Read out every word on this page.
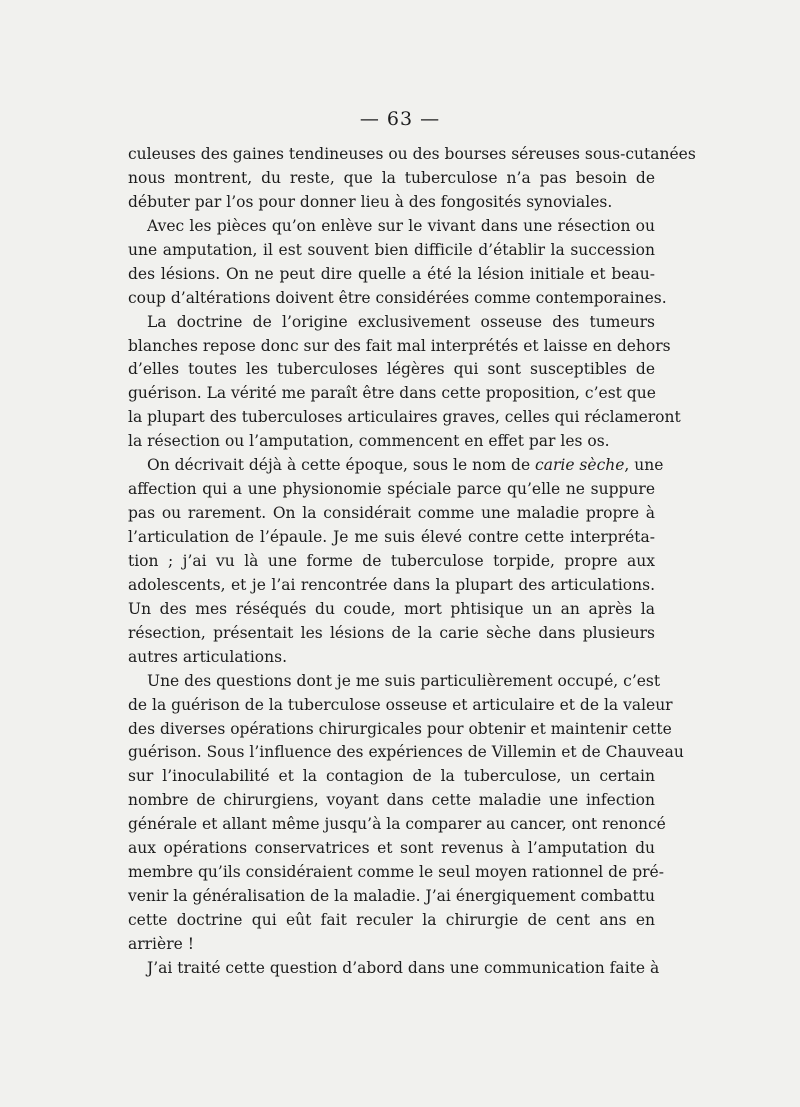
— 63 —
culeuses des gaines tendineuses ou des bourses séreuses sous-cutanées
nous montrent, du reste, que la tuberculose n’a pas besoin de
débuter par l’os pour donner lieu à des fongosités synoviales.
Avec les pièces qu’on enlève sur le vivant dans une résection ou
une amputation, il est souvent bien difficile d’établir la succession
des lésions. On ne peut dire quelle a été la lésion initiale et beau-
coup d’altérations doivent être considérées comme contemporaines.
La doctrine de l’origine exclusivement osseuse des tumeurs
blanches repose donc sur des fait mal interprétés et laisse en dehors
d’elles toutes les tuberculoses légères qui sont susceptibles de
guérison. La vérité me paraît être dans cette proposition, c’est que
la plupart des tuberculoses articulaires graves, celles qui réclameront
la résection ou l’amputation, commencent en effet par les os.
On décrivait déjà à cette époque, sous le nom de carie sèche, une
affection qui a une physionomie spéciale parce qu’elle ne suppure
pas ou rarement. On la considérait comme une maladie propre à
l’articulation de l’épaule. Je me suis élevé contre cette interpréta-
tion ; j’ai vu là une forme de tuberculose torpide, propre aux
adolescents, et je l’ai rencontrée dans la plupart des articulations.
Un des mes réséqués du coude, mort phtisique un an après la
résection, présentait les lésions de la carie sèche dans plusieurs
autres articulations.
Une des questions dont je me suis particulièrement occupé, c’est
de la guérison de la tuberculose osseuse et articulaire et de la valeur
des diverses opérations chirurgicales pour obtenir et maintenir cette
guérison. Sous l’influence des expériences de Villemin et de Chauveau
sur l’inoculabilité et la contagion de la tuberculose, un certain
nombre de chirurgiens, voyant dans cette maladie une infection
générale et allant même jusqu’à la comparer au cancer, ont renoncé
aux opérations conservatrices et sont revenus à l’amputation du
membre qu’ils considéraient comme le seul moyen rationnel de pré-
venir la généralisation de la maladie. J’ai énergiquement combattu
cette doctrine qui eût fait reculer la chirurgie de cent ans en
arrière !
J’ai traité cette question d’abord dans une communication faite à
